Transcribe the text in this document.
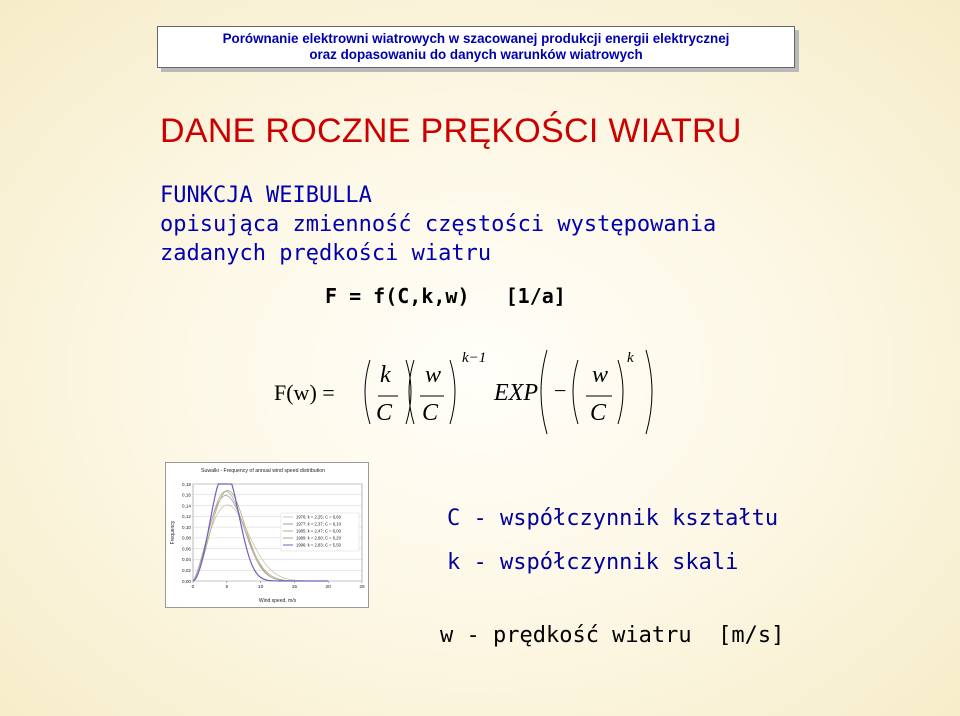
Porównanie elektrowni wiatrowych w szacowanej produkcji energii elektrycznej
oraz dopasowaniu do danych warunków wiatrowych
DANE ROCZNE PRĘKOŚCI WIATRU
FUNKCJA WEIBULLA
opisująca zmienność częstości występowania
zadanych prędkości wiatru
F = f(C,k,w)   [1/a]
F(w) =
k
C
w
C
k−1
EXP −
w
C
k
Suwalki - Frequency of annual wind speed distribution
0,00
0,02
0,04
0,06
0,08
0,10
0,12
0,14
0,16
0,18
0	5	10	15	20	25
Wind speed, m/s
Frequency
1976: k = 2,25; C = 6,60
1977: k = 2,37; C = 6,10
1985: k = 2,47; C = 6,00
1989: k = 2,60; C = 6,20
1996: k = 2,83; C = 5,50
C - współczynnik kształtu
k - współczynnik skali
w - prędkość wiatru  [m/s]
